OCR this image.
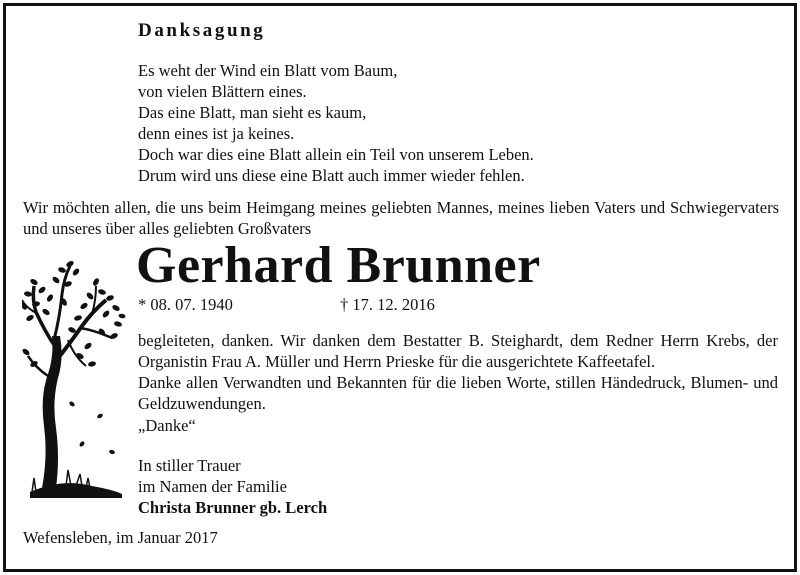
Danksagung
Es weht der Wind ein Blatt vom Baum,
von vielen Blättern eines.
Das eine Blatt, man sieht es kaum,
denn eines ist ja keines.
Doch war dies eine Blatt allein ein Teil von unserem Leben.
Drum wird uns diese eine Blatt auch immer wieder fehlen.
Wir möchten allen, die uns beim Heimgang meines geliebten Mannes, meines lieben Vaters und Schwiegervaters und unseres über alles geliebten Großvaters
Gerhard Brunner
* 08. 07. 1940	† 17. 12. 2016
begleiteten, danken. Wir danken dem Bestatter B. Steighardt, dem Redner Herrn Krebs, der Organistin Frau A. Müller und Herrn Prieske für die ausgerichtete Kaffeetafel.
Danke allen Verwandten und Bekannten für die lieben Worte, stillen Händedruck, Blumen- und Geldzuwendungen.
„Danke“
In stiller Trauer
im Namen der Familie
Christa Brunner gb. Lerch
Wefensleben, im Januar 2017
